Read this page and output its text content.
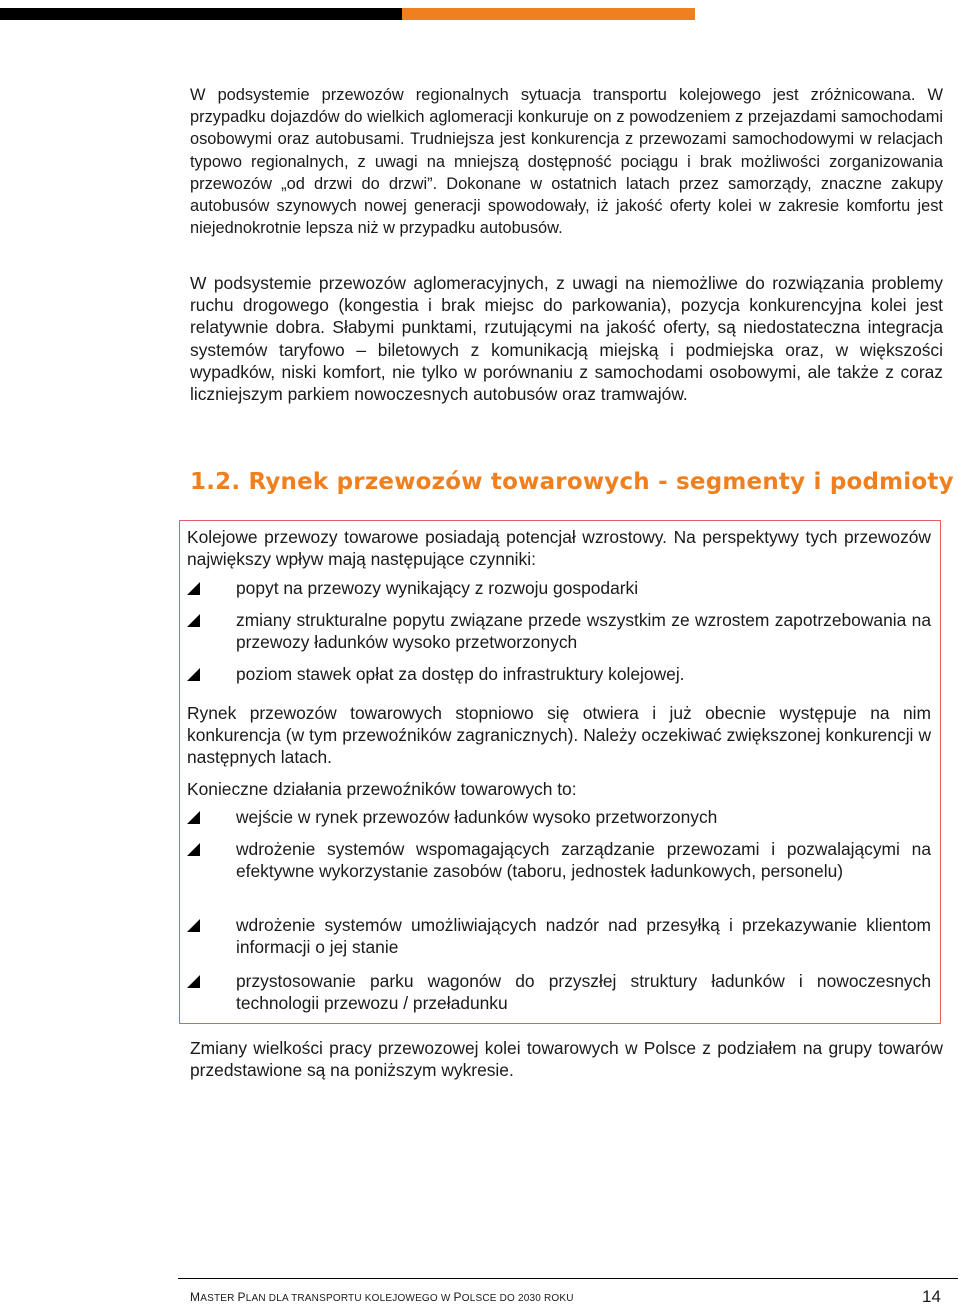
W podsystemie przewozów regionalnych sytuacja transportu kolejowego jest zróżnicowana. W przypadku dojazdów do wielkich aglomeracji konkuruje on z powodzeniem z przejazdami samochodami osobowymi oraz autobusami. Trudniejsza jest konkurencja z przewozami samochodowymi w relacjach typowo regionalnych, z uwagi na mniejszą dostępność pociągu i brak możliwości zorganizowania przewozów „od drzwi do drzwi”. Dokonane w ostatnich latach przez samorządy, znaczne zakupy autobusów szynowych nowej generacji spowodowały, iż jakość oferty kolei w zakresie komfortu jest niejednokrotnie lepsza niż w przypadku autobusów.

W podsystemie przewozów aglomeracyjnych, z uwagi na niemożliwe do rozwiązania problemy ruchu drogowego (kongestia i brak miejsc do parkowania), pozycja konkurencyjna kolei jest relatywnie dobra. Słabymi punktami, rzutującymi na jakość oferty, są niedostateczna integracja systemów taryfowo – biletowych z komunikacją miejską i podmiejska oraz, w większości wypadków, niski komfort, nie tylko w porównaniu z samochodami osobowymi, ale także z coraz liczniejszym parkiem nowoczesnych autobusów oraz tramwajów.

1.2. Rynek przewozów towarowych - segmenty i podmioty

Kolejowe przewozy towarowe posiadają potencjał wzrostowy. Na perspektywy tych przewozów największy wpływ mają następujące czynniki:

popyt na przewozy wynikający z rozwoju gospodarki

zmiany strukturalne popytu związane przede wszystkim ze wzrostem zapotrzebowania na przewozy ładunków wysoko przetworzonych

poziom stawek opłat za dostęp do infrastruktury kolejowej.

Rynek przewozów towarowych stopniowo się otwiera i już obecnie występuje na nim konkurencja (w tym przewoźników zagranicznych). Należy oczekiwać zwiększonej konkurencji w następnych latach.

Konieczne działania przewoźników towarowych to:

wejście w rynek przewozów ładunków wysoko przetworzonych

wdrożenie systemów wspomagających zarządzanie przewozami i pozwalającymi na efektywne wykorzystanie zasobów (taboru, jednostek ładunkowych, personelu)

wdrożenie systemów umożliwiających nadzór nad przesyłką i przekazywanie klientom informacji o jej stanie

przystosowanie parku wagonów do przyszłej struktury ładunków i nowoczesnych technologii przewozu / przeładunku

Zmiany wielkości pracy przewozowej kolei towarowych w Polsce z podziałem na grupy towarów przedstawione są na poniższym wykresie.

MASTER PLAN DLA TRANSPORTU KOLEJOWEGO W POLSCE DO 2030 ROKU	14
